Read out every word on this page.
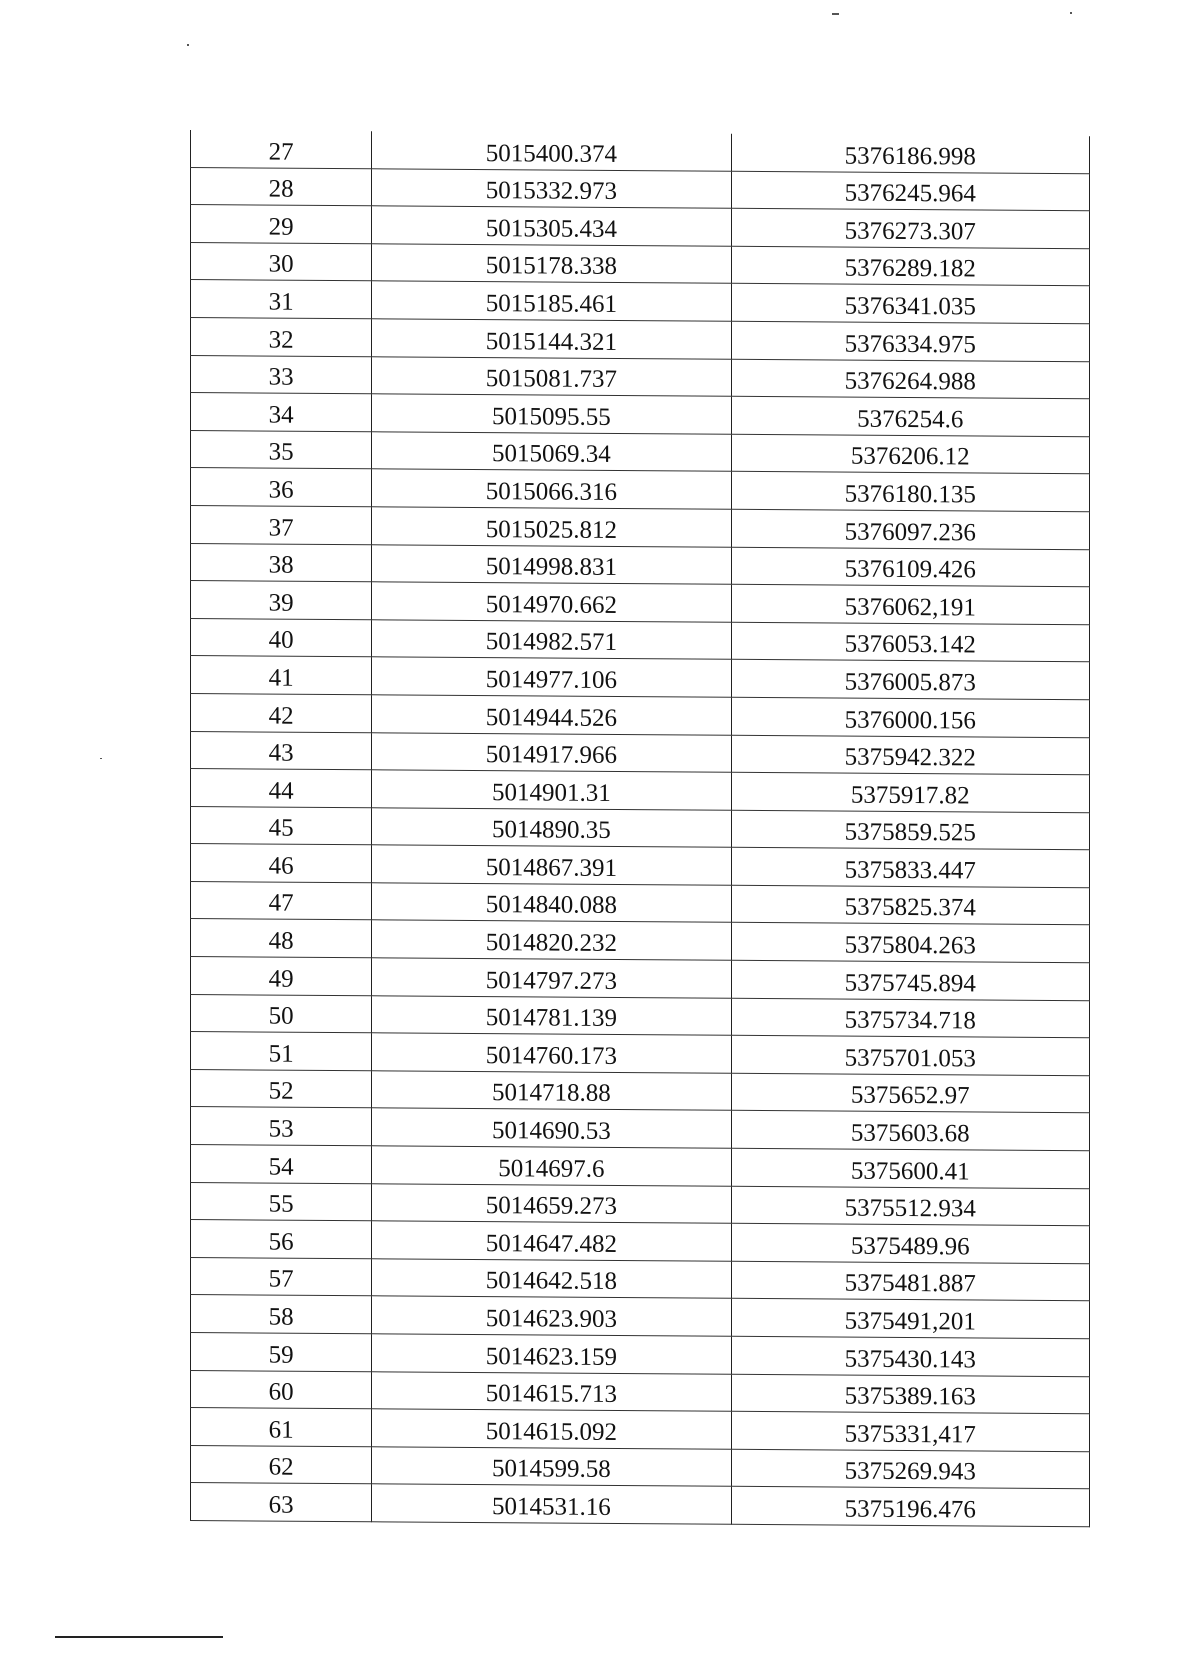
27	5015400.374	5376186.998
28	5015332.973	5376245.964
29	5015305.434	5376273.307
30	5015178.338	5376289.182
31	5015185.461	5376341.035
32	5015144.321	5376334.975
33	5015081.737	5376264.988
34	5015095.55	5376254.6
35	5015069.34	5376206.12
36	5015066.316	5376180.135
37	5015025.812	5376097.236
38	5014998.831	5376109.426
39	5014970.662	5376062,191
40	5014982.571	5376053.142
41	5014977.106	5376005.873
42	5014944.526	5376000.156
43	5014917.966	5375942.322
44	5014901.31	5375917.82
45	5014890.35	5375859.525
46	5014867.391	5375833.447
47	5014840.088	5375825.374
48	5014820.232	5375804.263
49	5014797.273	5375745.894
50	5014781.139	5375734.718
51	5014760.173	5375701.053
52	5014718.88	5375652.97
53	5014690.53	5375603.68
54	5014697.6	5375600.41
55	5014659.273	5375512.934
56	5014647.482	5375489.96
57	5014642.518	5375481.887
58	5014623.903	5375491,201
59	5014623.159	5375430.143
60	5014615.713	5375389.163
61	5014615.092	5375331,417
62	5014599.58	5375269.943
63	5014531.16	5375196.476
